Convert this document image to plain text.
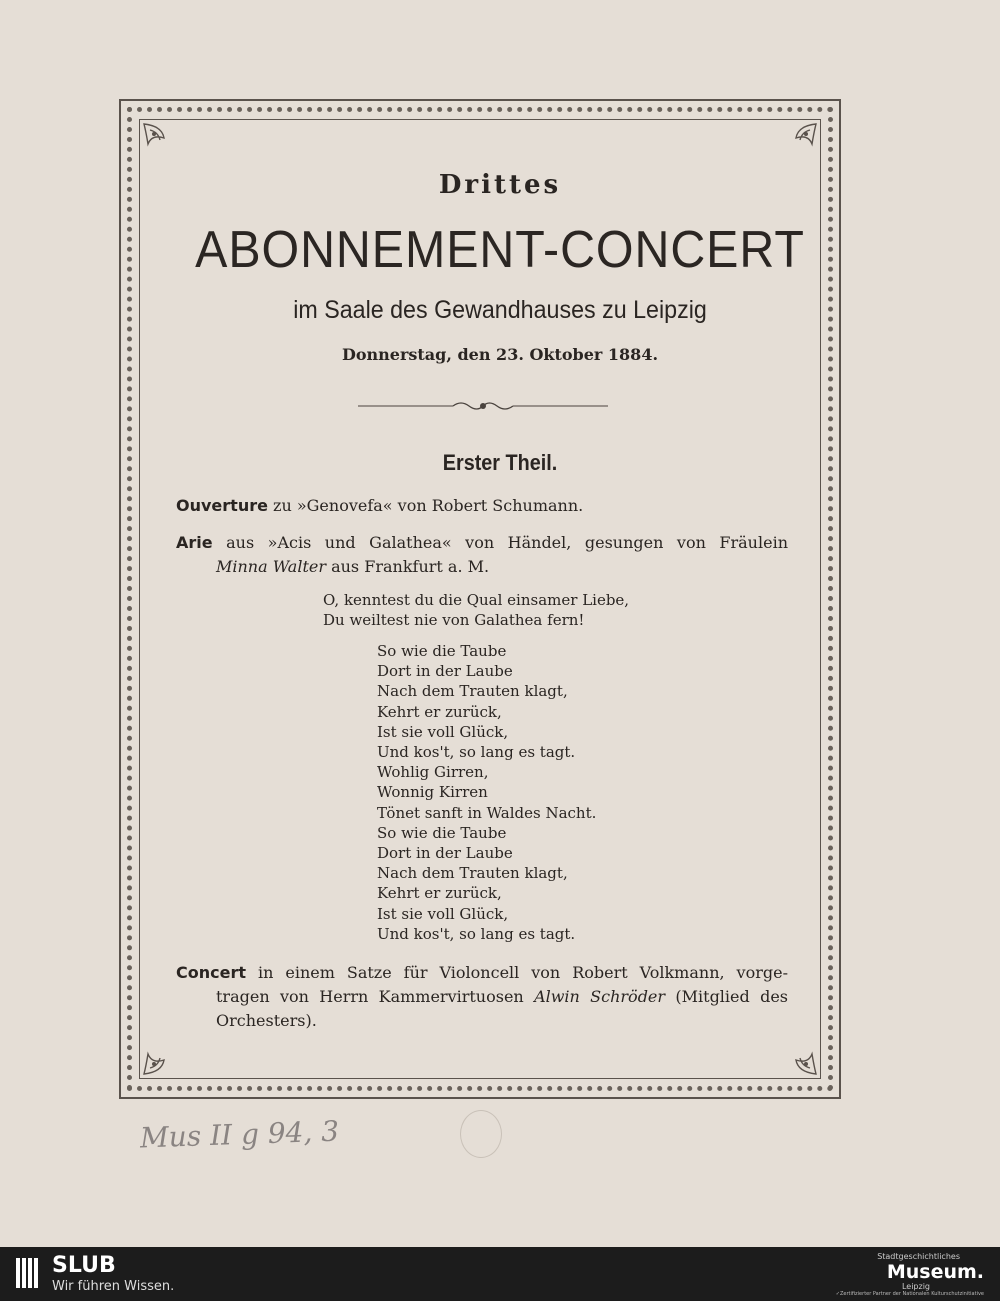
Drittes
ABONNEMENT-CONCERT
im Saale des Gewandhauses zu Leipzig
Donnerstag, den 23. Oktober 1884.
Erster Theil.
Ouverture zu »Genovefa« von Robert Schumann.
Arie aus »Acis und Galathea« von Händel, gesungen von Fräulein
Minna Walter aus Frankfurt a. M.
O, kenntest du die Qual einsamer Liebe,
Du weiltest nie von Galathea fern!
So wie die Taube
Dort in der Laube
Nach dem Trauten klagt,
Kehrt er zurück,
Ist sie voll Glück,
Und kos't, so lang es tagt.
Wohlig Girren,
Wonnig Kirren
Tönet sanft in Waldes Nacht.
So wie die Taube
Dort in der Laube
Nach dem Trauten klagt,
Kehrt er zurück,
Ist sie voll Glück,
Und kos't, so lang es tagt.
Concert in einem Satze für Violoncell von Robert Volkmann, vorge-
tragen von Herrn Kammervirtuosen Alwin Schröder (Mitglied des
Orchesters).
Mus II g 94, 3
SLUB
Wir führen Wissen.
Stadtgeschichtliches
Museum.
Leipzig
✓Zertifizierter Partner der Nationalen Kulturschutzinitiative
